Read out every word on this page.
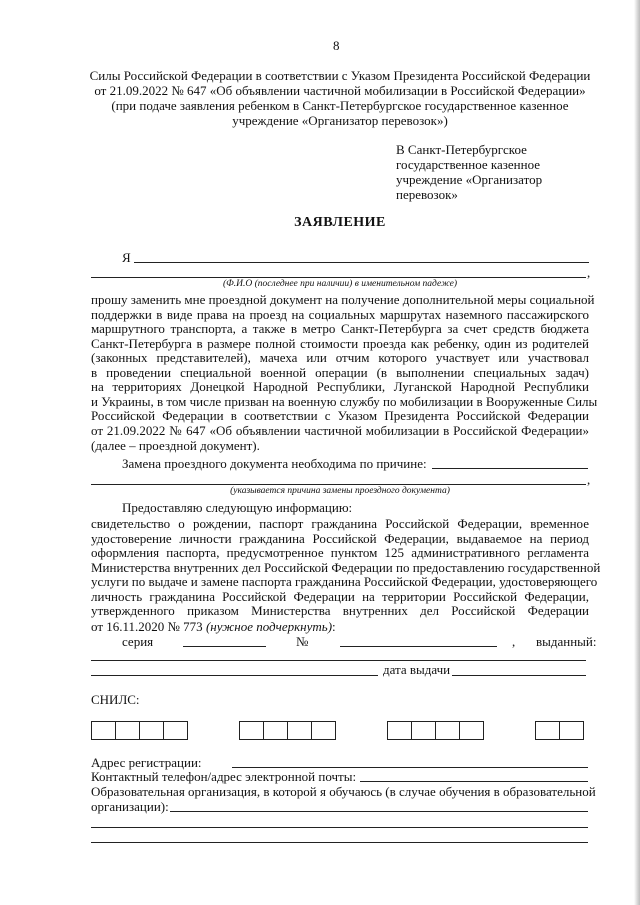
8
Силы Российской Федерации в соответствии с Указом Президента Российской Федерации
от 21.09.2022 № 647 «Об объявлении частичной мобилизации в Российской Федерации»
(при подаче заявления ребенком в Санкт-Петербургское государственное казенное
учреждение «Организатор перевозок»)
В Санкт-Петербургское
государственное казенное
учреждение «Организатор
перевозок»
ЗАЯВЛЕНИЕ
Я
,
(Ф.И.О (последнее при наличии) в именительном падеже)
прошу заменить мне проездной документ на получение дополнительной меры социальной
поддержки в виде права на проезд на социальных маршрутах наземного пассажирского
маршрутного транспорта, а также в метро Санкт-Петербурга за счет средств бюджета
Санкт-Петербурга в размере полной стоимости проезда как ребенку, один из родителей
(законных представителей), мачеха или отчим которого участвует или участвовал
в проведении специальной военной операции (в выполнении специальных задач)
на территориях Донецкой Народной Республики, Луганской Народной Республики
и Украины, в том числе призван на военную службу по мобилизации в Вооруженные Силы
Российской Федерации в соответствии с Указом Президента Российской Федерации
от 21.09.2022 № 647 «Об объявлении частичной мобилизации в Российской Федерации»
(далее – проездной документ).
Замена проездного документа необходима по причине:
,
(указывается причина замены проездного документа)
Предоставляю следующую информацию:
свидетельство о рождении, паспорт гражданина Российской Федерации, временное
удостоверение личности гражданина Российской Федерации, выдаваемое на период
оформления паспорта, предусмотренное пунктом 125 административного регламента
Министерства внутренних дел Российской Федерации по предоставлению государственной
услуги по выдаче и замене паспорта гражданина Российской Федерации, удостоверяющего
личность гражданина Российской Федерации на территории Российской Федерации,
утвержденного приказом Министерства внутренних дел Российской Федерации
от 16.11.2020 № 773 (нужное подчеркнуть):
серия	№	, выданный:
дата выдачи
СНИЛС:
Адрес регистрации:
Контактный телефон/адрес электронной почты:
Образовательная организация, в которой я обучаюсь (в случае обучения в образовательной
организации):
